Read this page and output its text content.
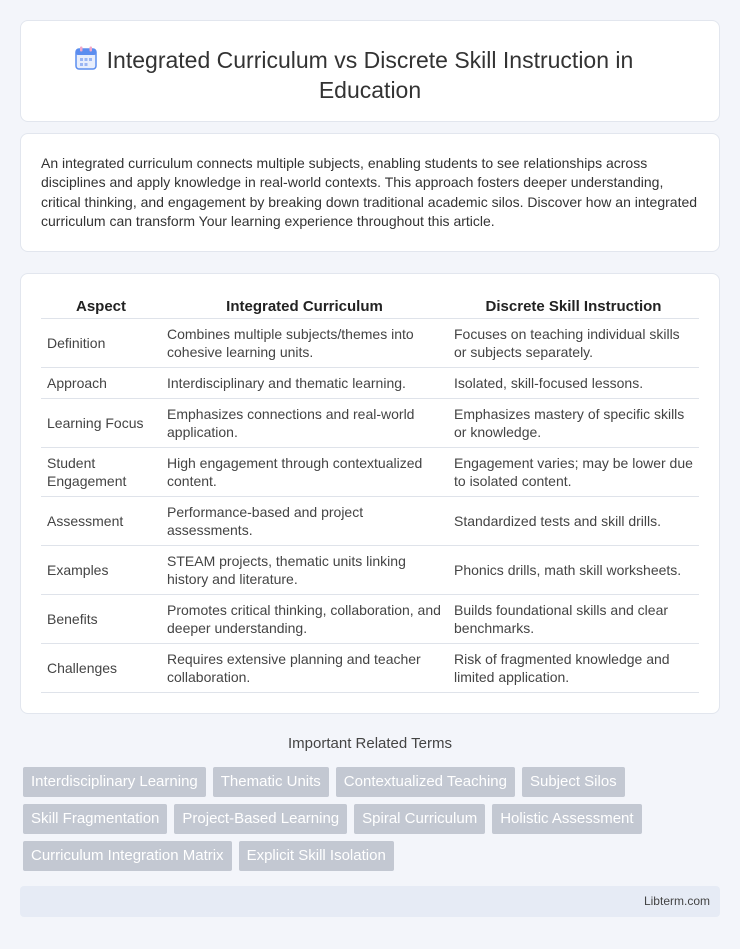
Integrated Curriculum vs Discrete Skill Instruction in Education

An integrated curriculum connects multiple subjects, enabling students to see relationships across disciplines and apply knowledge in real-world contexts. This approach fosters deeper understanding, critical thinking, and engagement by breaking down traditional academic silos. Discover how an integrated curriculum can transform Your learning experience throughout this article.

Aspect	Integrated Curriculum	Discrete Skill Instruction
Definition	Combines multiple subjects/themes into cohesive learning units.	Focuses on teaching individual skills or subjects separately.
Approach	Interdisciplinary and thematic learning.	Isolated, skill-focused lessons.
Learning Focus	Emphasizes connections and real-world application.	Emphasizes mastery of specific skills or knowledge.
Student Engagement	High engagement through contextualized content.	Engagement varies; may be lower due to isolated content.
Assessment	Performance-based and project assessments.	Standardized tests and skill drills.
Examples	STEAM projects, thematic units linking history and literature.	Phonics drills, math skill worksheets.
Benefits	Promotes critical thinking, collaboration, and deeper understanding.	Builds foundational skills and clear benchmarks.
Challenges	Requires extensive planning and teacher collaboration.	Risk of fragmented knowledge and limited application.
Important Related Terms
Interdisciplinary Learning	Thematic Units	Contextualized Teaching	Subject Silos
Skill Fragmentation	Project-Based Learning	Spiral Curriculum	Holistic Assessment
Curriculum Integration Matrix	Explicit Skill Isolation
Libterm.com
